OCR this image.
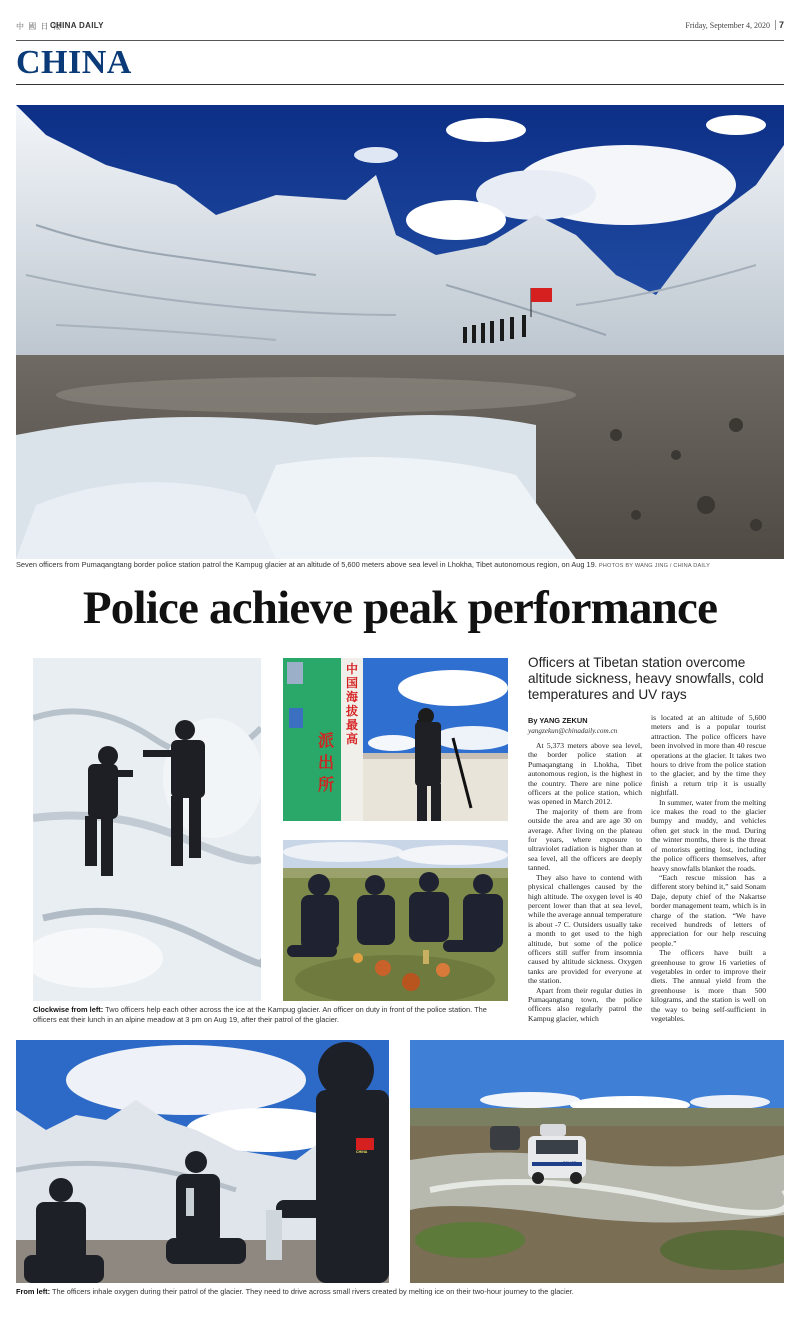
中 國 日 報
CHINA DAILY	Friday, September 4, 2020 7
CHINA
Seven officers from Pumaqangtang border police station patrol the Kampug glacier at an altitude of 5,600 meters above sea level in Lhokha, Tibet autonomous region, on Aug 19. PHOTOS BY WANG JING / CHINA DAILY
Police achieve peak performance
派
出
所
中
国
海
拔
最
高
Clockwise from left: Two officers help each other across the ice at the Kampug glacier. An officer on duty in front of the police station. The officers eat their lunch in an alpine meadow at 3 pm on Aug 19, after their patrol of the glacier.
Officers at Tibetan station overcome altitude sickness, heavy snowfalls, cold temperatures and UV rays
By YANG ZEKUN
yangzekun@chinadaily.com.cn

At 5,373 meters above sea level, the border police station at Pumaqangtang in Lhokha, Tibet autonomous region, is the highest in the country. There are nine police officers at the police station, which was opened in March 2012.

The majority of them are from outside the area and are age 30 on average. After living on the plateau for years, where exposure to ultraviolet radiation is higher than at sea level, all the officers are deeply tanned.

They also have to contend with physical challenges caused by the high altitude. The oxygen level is 40 percent lower than that at sea level, while the average annual temperature is about -7 C. Outsiders usually take a month to get used to the high altitude, but some of the police officers still suffer from insomnia caused by altitude sickness. Oxygen tanks are provided for everyone at the station.

Apart from their regular duties in Pumaqangtang town, the police officers also regularly patrol the Kampug glacier, which

is located at an altitude of 5,600 meters and is a popular tourist attraction. The police officers have been involved in more than 40 rescue operations at the glacier. It takes two hours to drive from the police station to the glacier, and by the time they finish a return trip it is usually nightfall.

In summer, water from the melting ice makes the road to the glacier bumpy and muddy, and vehicles often get stuck in the mud. During the winter months, there is the threat of motorists getting lost, including the police officers themselves, after heavy snowfalls blanket the roads.

“Each rescue mission has a different story behind it,” said Sonam Daje, deputy chief of the Nakartse border management team, which is in charge of the station. “We have received hundreds of letters of appreciation for our help rescuing people.”

The officers have built a greenhouse to grow 16 varieties of vegetables in order to improve their diets. The annual yield from the greenhouse is more than 500 kilograms, and the station is well on the way to being self-sufficient in vegetables.

CHINA
POLICE
From left: The officers inhale oxygen during their patrol of the glacier. They need to drive across small rivers created by melting ice on their two-hour journey to the glacier.
